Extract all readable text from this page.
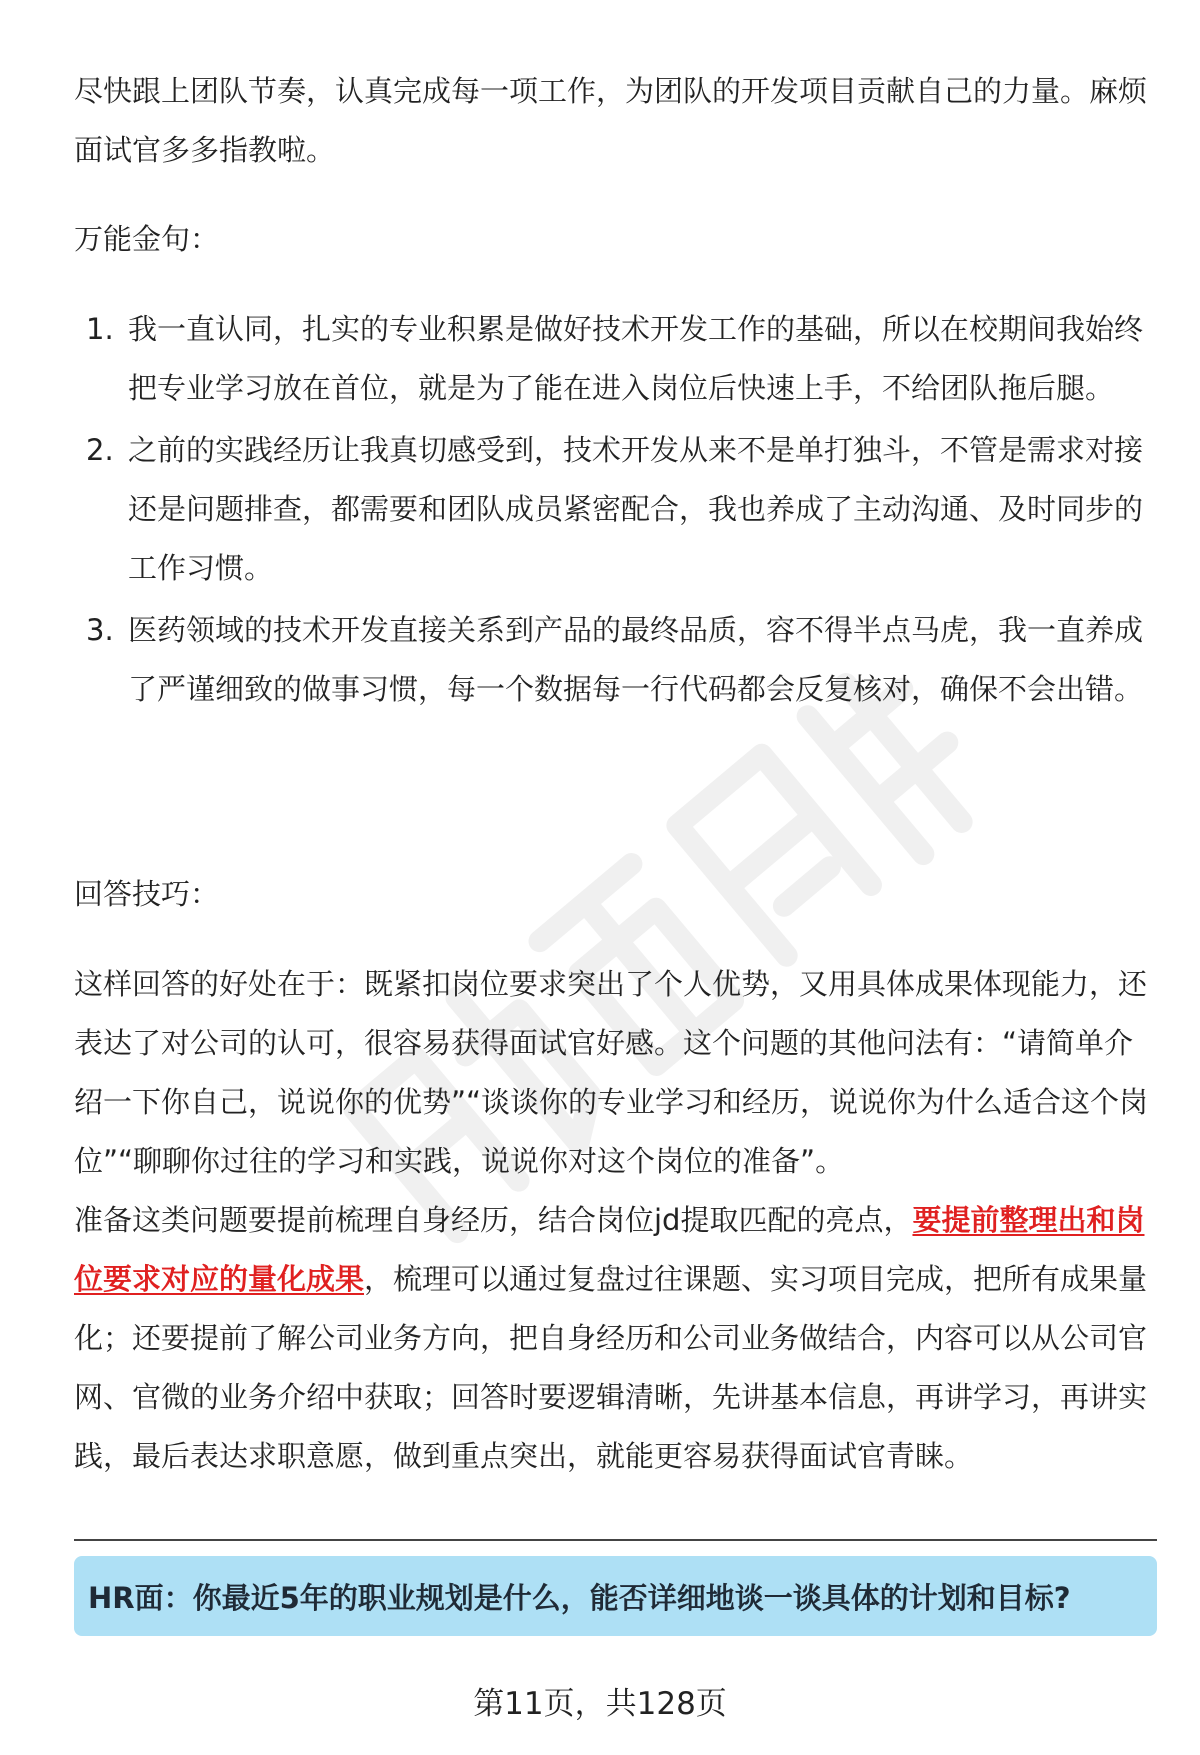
尽快跟上团队节奏，认真完成每一项工作，为团队的开发项目贡献自己的力量。麻烦面试官多多指教啦。

万能金句：

1. 我一直认同，扎实的专业积累是做好技术开发工作的基础，所以在校期间我始终把专业学习放在首位，就是为了能在进入岗位后快速上手，不给团队拖后腿。
2. 之前的实践经历让我真切感受到，技术开发从来不是单打独斗，不管是需求对接还是问题排查，都需要和团队成员紧密配合，我也养成了主动沟通、及时同步的工作习惯。
3. 医药领域的技术开发直接关系到产品的最终品质，容不得半点马虎，我一直养成了严谨细致的做事习惯，每一个数据每一行代码都会反复核对，确保不会出错。

回答技巧：

这样回答的好处在于：既紧扣岗位要求突出了个人优势，又用具体成果体现能力，还表达了对公司的认可，很容易获得面试官好感。这个问题的其他问法有：“请简单介绍一下你自己，说说你的优势”“谈谈你的专业学习和经历，说说你为什么适合这个岗位”“聊聊你过往的学习和实践，说说你对这个岗位的准备”。

准备这类问题要提前梳理自身经历，结合岗位jd提取匹配的亮点，要提前整理出和岗位要求对应的量化成果，梳理可以通过复盘过往课题、实习项目完成，把所有成果量化；还要提前了解公司业务方向，把自身经历和公司业务做结合，内容可以从公司官网、官微的业务介绍中获取；回答时要逻辑清晰，先讲基本信息，再讲学习，再讲实践，最后表达求职意愿，做到重点突出，就能更容易获得面试官青睐。

HR面：你最近5年的职业规划是什么，能否详细地谈一谈具体的计划和目标?
第11页，共128页
